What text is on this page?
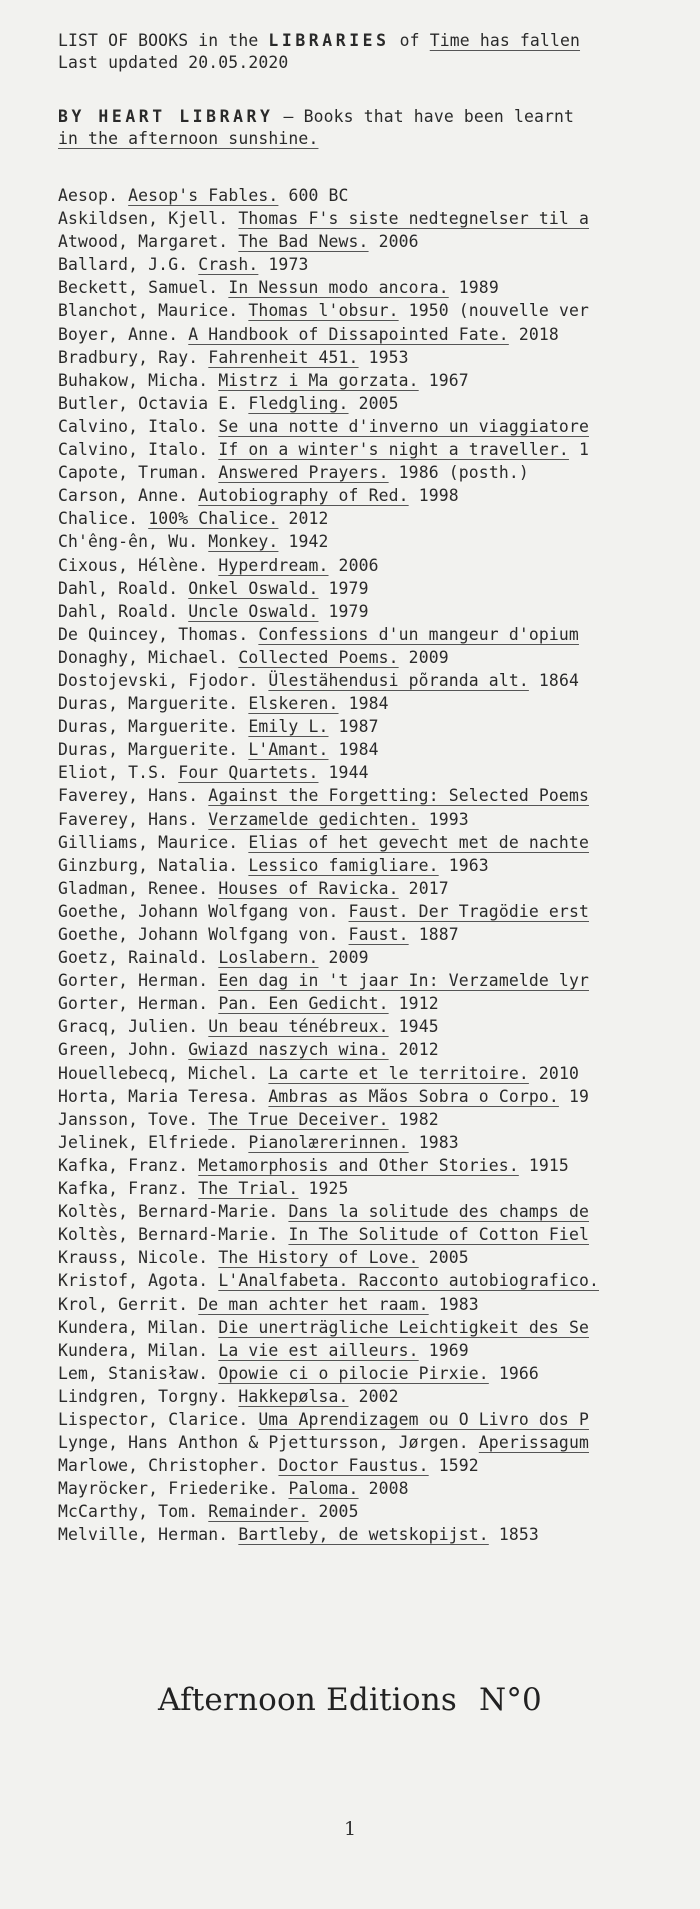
LIST OF BOOKS in the LIBRARIES of Time has fallen
Last updated 20.05.2020
BY HEART LIBRARY – Books that have been learnt
in the afternoon sunshine.
Aesop. Aesop's Fables. 600 BC
Askildsen, Kjell. Thomas F's siste nedtegnelser til a
Atwood, Margaret. The Bad News. 2006
Ballard, J.G. Crash. 1973
Beckett, Samuel. In Nessun modo ancora. 1989
Blanchot, Maurice. Thomas l'obsur. 1950 (nouvelle ver
Boyer, Anne. A Handbook of Dissapointed Fate. 2018
Bradbury, Ray. Fahrenheit 451. 1953
Buhakow, Micha. Mistrz i Ma gorzata. 1967
Butler, Octavia E. Fledgling. 2005
Calvino, Italo. Se una notte d'inverno un viaggiatore
Calvino, Italo. If on a winter's night a traveller. 1
Capote, Truman. Answered Prayers. 1986 (posth.)
Carson, Anne. Autobiography of Red. 1998
Chalice. 100% Chalice. 2012
Ch'êng-ên, Wu. Monkey. 1942
Cixous, Hélène. Hyperdream. 2006
Dahl, Roald. Onkel Oswald. 1979
Dahl, Roald. Uncle Oswald. 1979
De Quincey, Thomas. Confessions d'un mangeur d'opium
Donaghy, Michael. Collected Poems. 2009
Dostojevski, Fjodor. Ülestähendusi põranda alt. 1864
Duras, Marguerite. Elskeren. 1984
Duras, Marguerite. Emily L. 1987
Duras, Marguerite. L'Amant. 1984
Eliot, T.S. Four Quartets. 1944
Faverey, Hans. Against the Forgetting: Selected Poems
Faverey, Hans. Verzamelde gedichten. 1993
Gilliams, Maurice. Elias of het gevecht met de nachte
Ginzburg, Natalia. Lessico famigliare. 1963
Gladman, Renee. Houses of Ravicka. 2017
Goethe, Johann Wolfgang von. Faust. Der Tragödie erst
Goethe, Johann Wolfgang von. Faust. 1887
Goetz, Rainald. Loslabern. 2009
Gorter, Herman. Een dag in 't jaar In: Verzamelde lyr
Gorter, Herman. Pan. Een Gedicht. 1912
Gracq, Julien. Un beau ténébreux. 1945
Green, John. Gwiazd naszych wina. 2012
Houellebecq, Michel. La carte et le territoire. 2010
Horta, Maria Teresa. Ambras as Mãos Sobra o Corpo. 19
Jansson, Tove. The True Deceiver. 1982
Jelinek, Elfriede. Pianolærerinnen. 1983
Kafka, Franz. Metamorphosis and Other Stories. 1915
Kafka, Franz. The Trial. 1925
Koltès, Bernard-Marie. Dans la solitude des champs de
Koltès, Bernard-Marie. In The Solitude of Cotton Fiel
Krauss, Nicole. The History of Love. 2005
Kristof, Agota. L'Analfabeta. Racconto autobiografico.
Krol, Gerrit. De man achter het raam. 1983
Kundera, Milan. Die unerträgliche Leichtigkeit des Se
Kundera, Milan. La vie est ailleurs. 1969
Lem, Stanisław. Opowie ci o pilocie Pirxie. 1966
Lindgren, Torgny. Hakkepølsa. 2002
Lispector, Clarice. Uma Aprendizagem ou O Livro dos P
Lynge, Hans Anthon & Pjettursson, Jørgen. Aperissagum
Marlowe, Christopher. Doctor Faustus. 1592
Mayröcker, Friederike. Paloma. 2008
McCarthy, Tom. Remainder. 2005
Melville, Herman. Bartleby, de wetskopijst. 1853
Afternoon Editions N°0
1
